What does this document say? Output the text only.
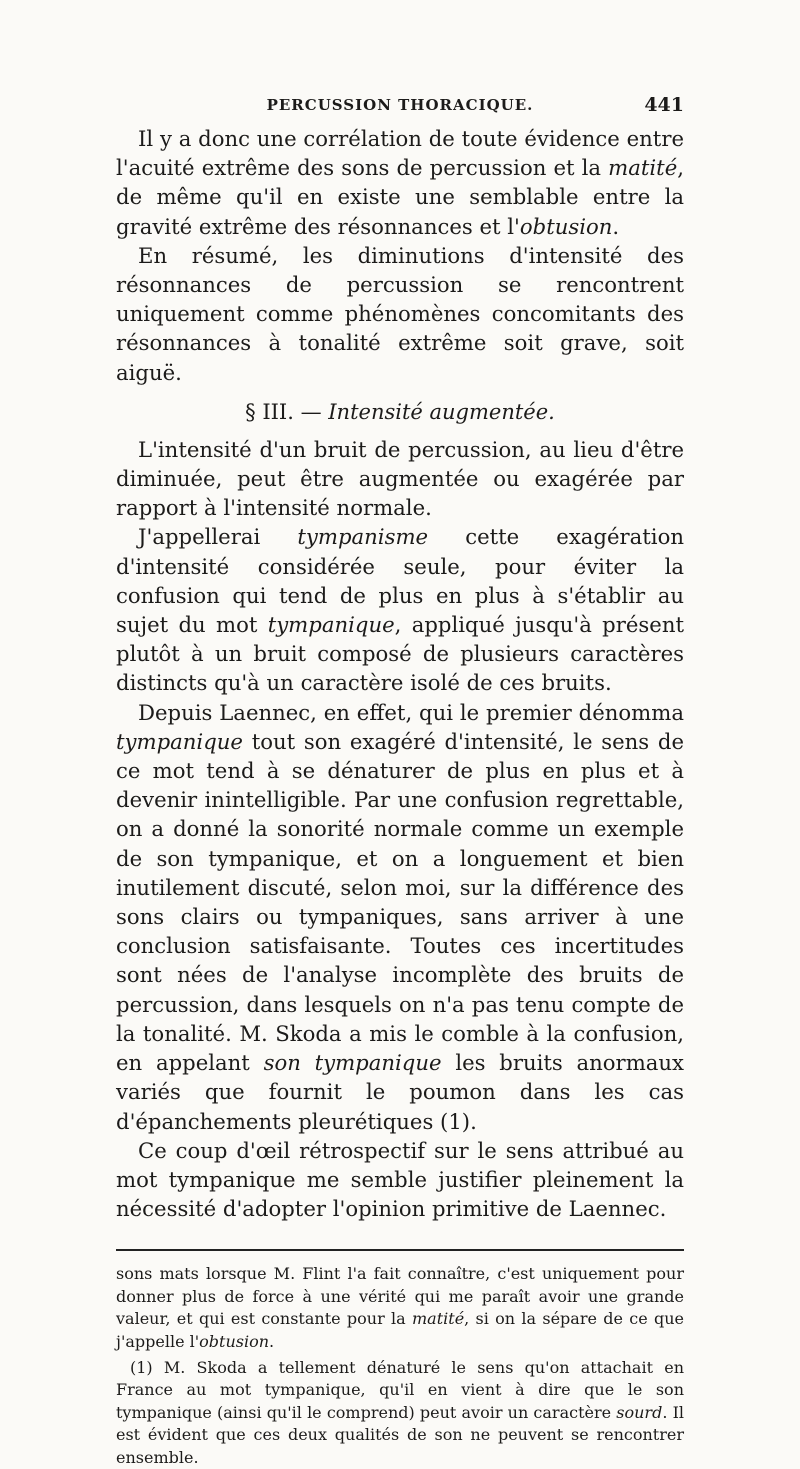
PERCUSSION THORACIQUE.	441

Il y a donc une corrélation de toute évidence entre l'acuité extrême des sons de percussion et la matité, de même qu'il en existe une semblable entre la gravité extrême des résonnances et l'obtusion.

En résumé, les diminutions d'intensité des résonnances de percussion se rencontrent uniquement comme phénomènes concomitants des résonnances à tonalité extrême soit grave, soit aiguë.

§ III. — Intensité augmentée.

L'intensité d'un bruit de percussion, au lieu d'être diminuée, peut être augmentée ou exagérée par rapport à l'intensité normale.

J'appellerai tympanisme cette exagération d'intensité considérée seule, pour éviter la confusion qui tend de plus en plus à s'établir au sujet du mot tympanique, appliqué jusqu'à présent plutôt à un bruit composé de plusieurs caractères distincts qu'à un caractère isolé de ces bruits.

Depuis Laennec, en effet, qui le premier dénomma tympanique tout son exagéré d'intensité, le sens de ce mot tend à se dénaturer de plus en plus et à devenir inintelligible. Par une confusion regrettable, on a donné la sonorité normale comme un exemple de son tympanique, et on a longuement et bien inutilement discuté, selon moi, sur la différence des sons clairs ou tympaniques, sans arriver à une conclusion satisfaisante. Toutes ces incertitudes sont nées de l'analyse incomplète des bruits de percussion, dans lesquels on n'a pas tenu compte de la tonalité. M. Skoda a mis le comble à la confusion, en appelant son tympanique les bruits anormaux variés que fournit le poumon dans les cas d'épanchements pleurétiques (1).

Ce coup d'œil rétrospectif sur le sens attribué au mot tympanique me semble justifier pleinement la nécessité d'adopter l'opinion primitive de Laennec.

sons mats lorsque M. Flint l'a fait connaître, c'est uniquement pour donner plus de force à une vérité qui me paraît avoir une grande valeur, et qui est constante pour la matité, si on la sépare de ce que j'appelle l'obtusion.

(1) M. Skoda a tellement dénaturé le sens qu'on attachait en France au mot tympanique, qu'il en vient à dire que le son tympanique (ainsi qu'il le comprend) peut avoir un caractère sourd. Il est évident que ces deux qualités de son ne peuvent se rencontrer ensemble.
